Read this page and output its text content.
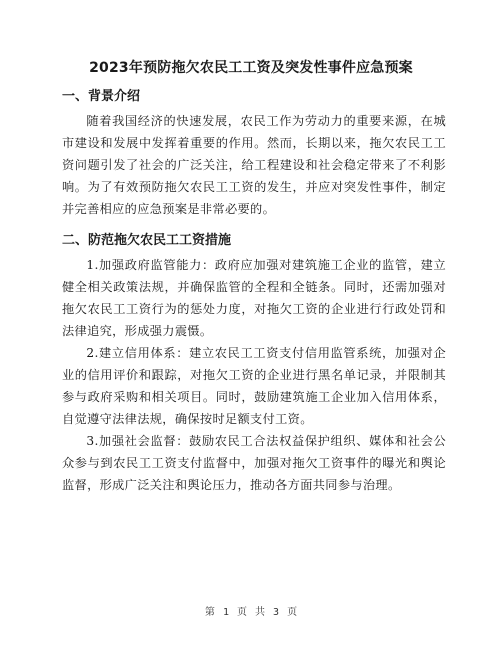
2023年预防拖欠农民工工资及突发性事件应急预案
一、背景介绍

随着我国经济的快速发展，农民工作为劳动力的重要来源，在城市建设和发展中发挥着重要的作用。然而，长期以来，拖欠农民工工资问题引发了社会的广泛关注，给工程建设和社会稳定带来了不利影响。为了有效预防拖欠农民工工资的发生，并应对突发性事件，制定并完善相应的应急预案是非常必要的。

二、防范拖欠农民工工资措施

1.加强政府监管能力：政府应加强对建筑施工企业的监管，建立健全相关政策法规，并确保监管的全程和全链条。同时，还需加强对拖欠农民工工资行为的惩处力度，对拖欠工资的企业进行行政处罚和法律追究，形成强力震慑。

2.建立信用体系：建立农民工工资支付信用监管系统，加强对企业的信用评价和跟踪，对拖欠工资的企业进行黑名单记录，并限制其参与政府采购和相关项目。同时，鼓励建筑施工企业加入信用体系，自觉遵守法律法规，确保按时足额支付工资。

3.加强社会监督：鼓励农民工合法权益保护组织、媒体和社会公众参与到农民工工资支付监督中，加强对拖欠工资事件的曝光和舆论监督，形成广泛关注和舆论压力，推动各方面共同参与治理。

第 1 页 共 3 页
